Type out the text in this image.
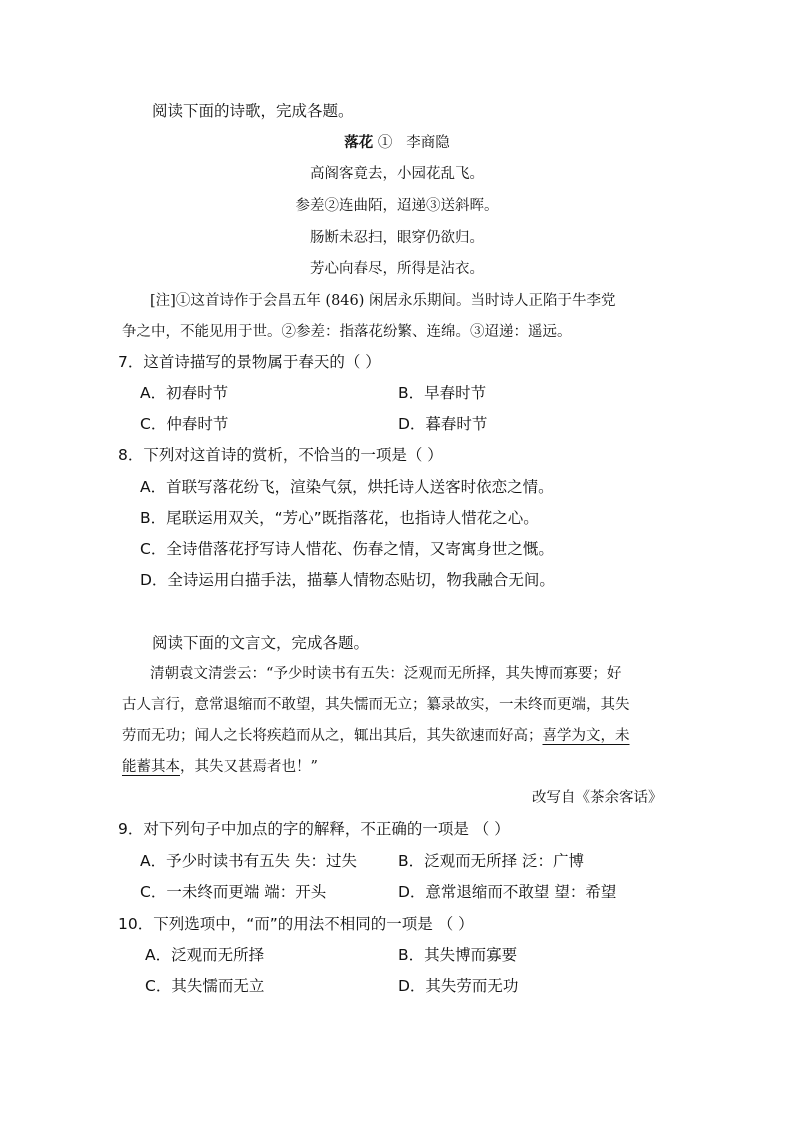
阅读下面的诗歌，完成各题。
落花 ① 李商隐
高阁客竟去，小园花乱飞。
参差②连曲陌，迢递③送斜晖。
肠断未忍扫，眼穿仍欲归。
芳心向春尽，所得是沾衣。
[注]①这首诗作于会昌五年 (846) 闲居永乐期间。当时诗人正陷于牛李党
争之中，不能见用于世。②参差：指落花纷繁、连绵。③迢递：遥远。
7．这首诗描写的景物属于春天的（ ）
A．初春时节	B．早春时节
C．仲春时节	D．暮春时节
8．下列对这首诗的赏析，不恰当的一项是（ ）
A．首联写落花纷飞，渲染气氛，烘托诗人送客时依恋之情。
B．尾联运用双关，“芳心”既指落花，也指诗人惜花之心。
C．全诗借落花抒写诗人惜花、伤春之情，又寄寓身世之慨。
D．全诗运用白描手法，描摹人情物态贴切，物我融合无间。
阅读下面的文言文，完成各题。
清朝袁文清尝云：“予少时读书有五失：泛观而无所择，其失博而寡要；好
古人言行，意常退缩而不敢望，其失懦而无立；纂录故实，一未终而更端，其失
劳而无功；闻人之长将疾趋而从之，辄出其后，其失欲速而好高；喜学为文，未
能蓄其本，其失又甚焉者也！”
改写自《茶余客话》
9．对下列句子中加点的字的解释，不正确的一项是 （ ）
A．予少时读书有五失 失：过失	B．泛观而无所择 泛：广博
C．一未终而更端 端：开头	D．意常退缩而不敢望 望：希望
10．下列选项中，“而”的用法不相同的一项是 （ ）
A．泛观而无所择	B．其失博而寡要
C．其失懦而无立	D．其失劳而无功
